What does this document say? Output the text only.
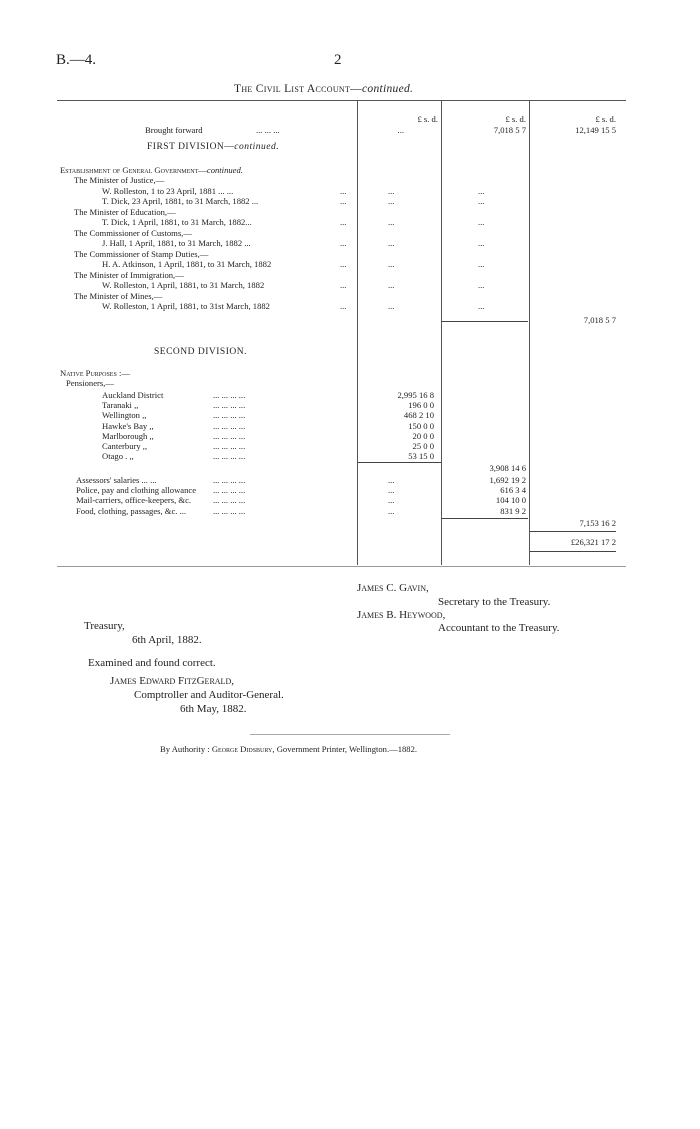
B.—4.	2
The Civil List Account—continued.
£ s. d.	£ s. d.	£ s. d.
Brought forward	... ... ...	...	7,018 5 7	12,149 15 5
FIRST DIVISION—continued.
Establishment of General Government—continued.
The Minister of Justice,—
W. Rolleston, 1 to 23 April, 1881 ... ...	...	...	...
T. Dick, 23 April, 1881, to 31 March, 1882 ...	...	...	...
The Minister of Education,—
T. Dick, 1 April, 1881, to 31 March, 1882...	...	...	...
The Commissioner of Customs,—
J. Hall, 1 April, 1881, to 31 March, 1882 ...	...	...	...
The Commissioner of Stamp Duties,—
H. A. Atkinson, 1 April, 1881, to 31 March, 1882	...	...	...
The Minister of Immigration,—
W. Rolleston, 1 April, 1881, to 31 March, 1882	...	...	...
The Minister of Mines,—
W. Rolleston, 1 April, 1881, to 31st March, 1882	...	...	...
7,018 5 7
SECOND DIVISION.
Native Purposes :—
Pensioners,—
Auckland District	... ... ... ...	2,995 16 8
Taranaki ,,	... ... ... ...	196 0 0
Wellington ,,	... ... ... ...	468 2 10
Hawke's Bay ,,	... ... ... ...	150 0 0
Marlborough ,,	... ... ... ...	20 0 0
Canterbury ,,	... ... ... ...	25 0 0
Otago . ,,	... ... ... ...	53 15 0
3,908 14 6
Assessors' salaries ... ...	... ... ... ...	...	1,692 19 2
Police, pay and clothing allowance ... ... ... ...	...	616 3 4
Mail-carriers, office-keepers, &c.	... ... ... ...	...	104 10 0
Food, clothing, passages, &c. ...	... ... ... ...	...	831 9 2
7,153 16 2
£26,321 17 2
James C. Gavin,
Secretary to the Treasury.
James B. Heywood,
Accountant to the Treasury.
Treasury,
6th April, 1882.
Examined and found correct.
James Edward FitzGerald,
Comptroller and Auditor-General.
6th May, 1882.
By Authority : George Didsbury, Government Printer, Wellington.—1882.
